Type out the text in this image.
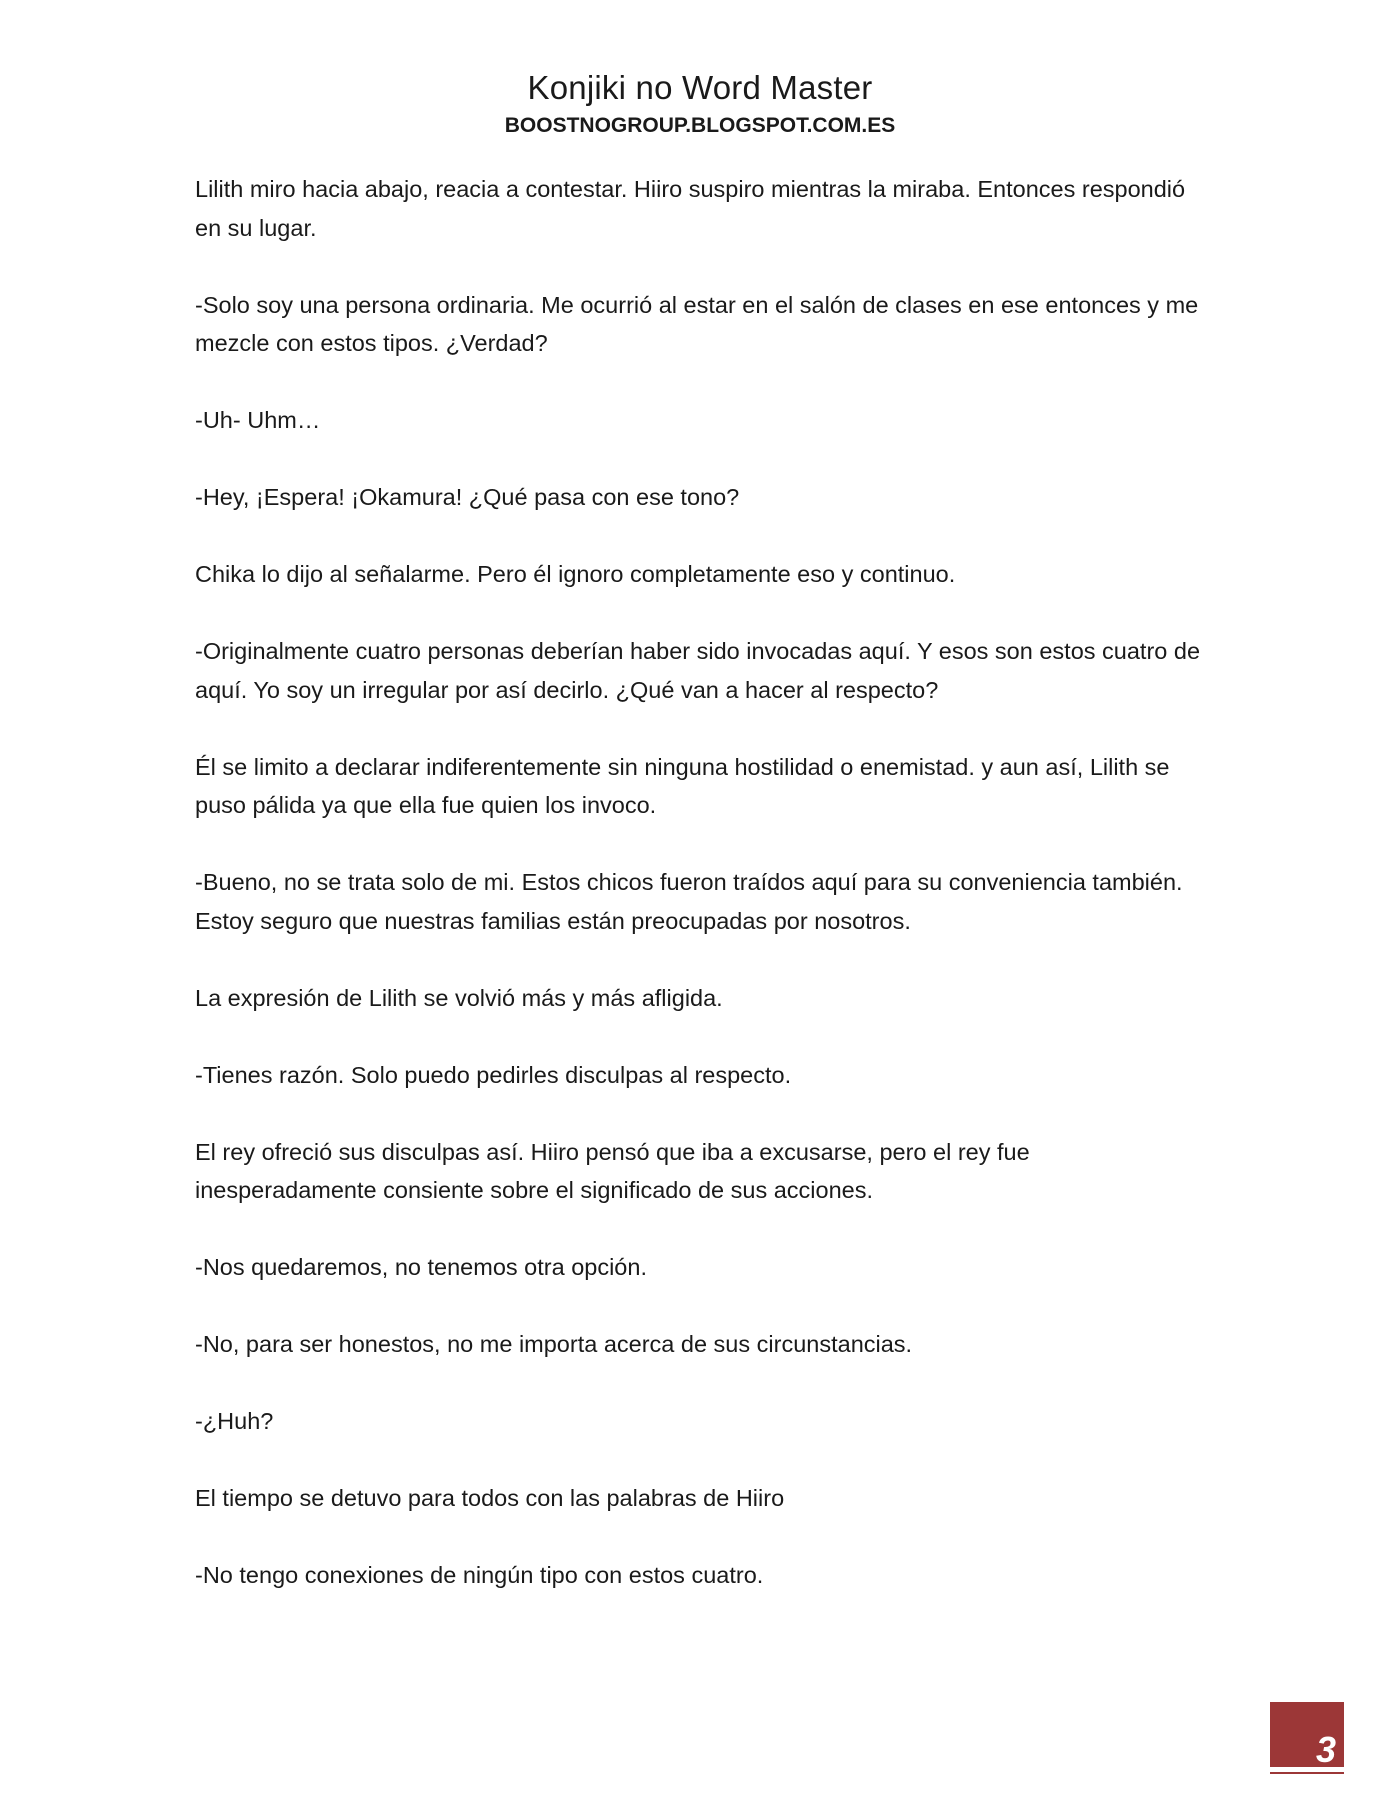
Konjiki no Word Master
BOOSTNOGROUP.BLOGSPOT.COM.ES

Lilith miro hacia abajo, reacia a contestar. Hiiro suspiro mientras la miraba. Entonces respondió en su lugar.

-Solo soy una persona ordinaria. Me ocurrió al estar en el salón de clases en ese entonces y me mezcle con estos tipos. ¿Verdad?

-Uh- Uhm…

-Hey, ¡Espera! ¡Okamura! ¿Qué pasa con ese tono?

Chika lo dijo al señalarme. Pero él ignoro completamente eso y continuo.

-Originalmente cuatro personas deberían haber sido invocadas aquí. Y esos son estos cuatro de aquí. Yo soy un irregular por así decirlo. ¿Qué van a hacer al respecto?

Él se limito a declarar indiferentemente sin ninguna hostilidad o enemistad. y aun así, Lilith se puso pálida ya que ella fue quien los invoco.

-Bueno, no se trata solo de mi. Estos chicos fueron traídos aquí para su conveniencia también. Estoy seguro que nuestras familias están preocupadas por nosotros.

La expresión de Lilith se volvió más y más afligida.

-Tienes razón. Solo puedo pedirles disculpas al respecto.

El rey ofreció sus disculpas así. Hiiro pensó que iba a excusarse, pero el rey fue inesperadamente consiente sobre el significado de sus acciones.

-Nos quedaremos, no tenemos otra opción.

-No, para ser honestos, no me importa acerca de sus circunstancias.

-¿Huh?

El tiempo se detuvo para todos con las palabras de Hiiro

-No tengo conexiones de ningún tipo con estos cuatro.

3
